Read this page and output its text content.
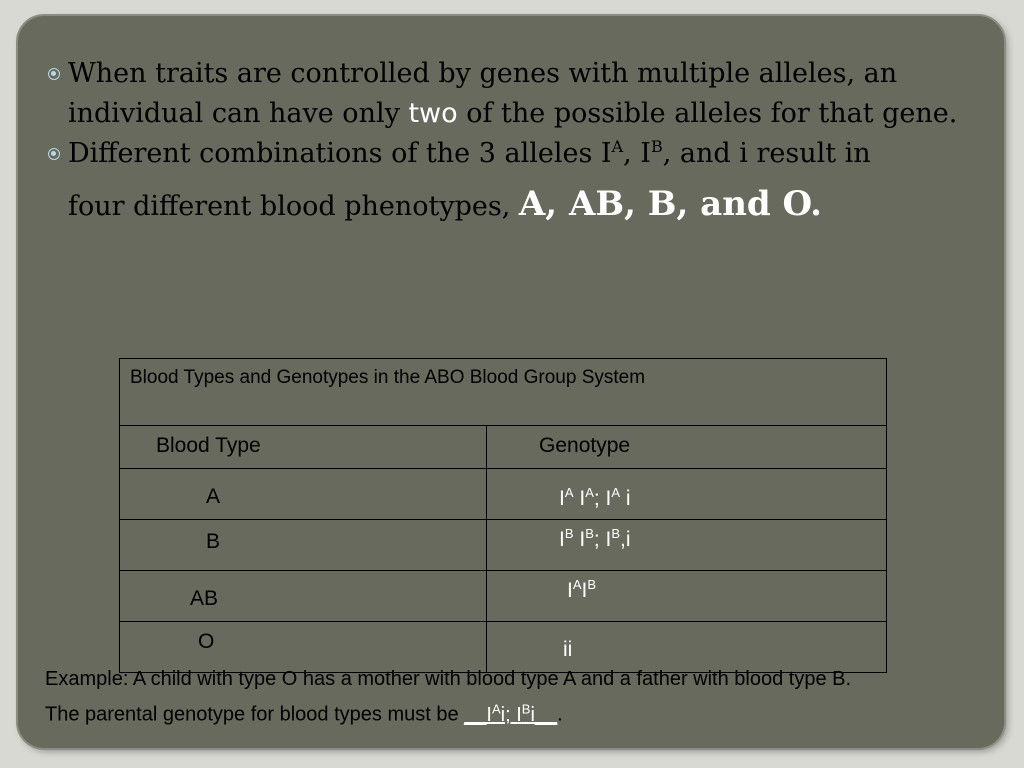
When traits are controlled by genes with multiple alleles, an individual can have only two of the possible alleles for that gene.
Different combinations of the 3 alleles $I^A$, $I^B$, and i result in
four different blood phenotypes, A, AB, B, and O.
Blood Types and Genotypes in the ABO Blood Group System	

Blood Type	Genotype

A	$I^A$ $I^A$; $I^A$ i

B	$I^B$ $I^B$; $I^B,i$

AB	$I^AI^B$

O	ii
Example: A child with type O has a mother with blood type A and a father with blood type B.
The parental genotype for blood types must be $\_\_I^Ai$; $I^Bi\_\_$.
